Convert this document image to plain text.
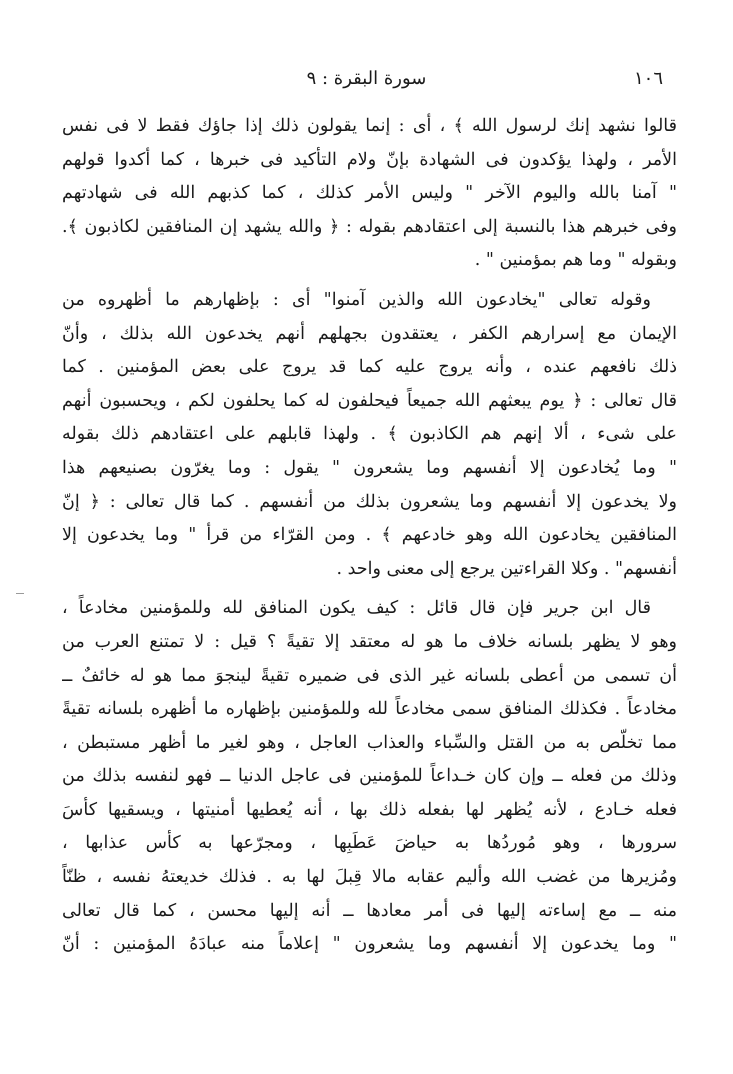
١٠٦
سورة البقرة : ٩
قالوا نشهد إنك لرسول الله ﴾ ، أى : إنما يقولون ذلك إذا جاؤك فقط لا فى نفس
الأمر ، ولهذا يؤكدون فى الشهادة بإنّ ولام التأكيد فى خبرها ، كما أكدوا قولهم
" آمنا بالله واليوم الآخر " وليس الأمر كذلك ، كما كذبهم الله فى شهادتهم
وفى خبرهم هذا بالنسبة إلى اعتقادهم بقوله : ﴿ والله يشهد إن المنافقين لكاذبون ﴾.
وبقوله " وما هم بمؤمنين " .
وقوله تعالى "يخادعون الله والذين آمنوا" أى : بإظهارهم ما أظهروه من
الإيمان مع إسرارهم الكفر ، يعتقدون بجهلهم أنهم يخدعون الله بذلك ، وأنّ
ذلك نافعهم عنده ، وأنه يروج عليه كما قد يروج على بعض المؤمنين . كما
قال تعالى : ﴿ يوم يبعثهم الله جميعاً فيحلفون له كما يحلفون لكم ، ويحسبون أنهم
على شىء ، ألا إنهم هم الكاذبون ﴾ . ولهذا قابلهم على اعتقادهم ذلك بقوله
" وما يُخادعون إلا أنفسهم وما يشعرون " يقول : وما يغرّون بصنيعهم هذا
ولا يخدعون إلا أنفسهم وما يشعرون بذلك من أنفسهم . كما قال تعالى : ﴿ إنّ
المنافقين يخادعون الله وهو خادعهم ﴾ . ومن القرّاء من قرأ " وما يخدعون إلا
أنفسهم" . وكلا القراءتين يرجع إلى معنى واحد .
قال ابن جرير فإن قال قائل : كيف يكون المنافق لله وللمؤمنين مخادعاً ،
وهو لا يظهر بلسانه خلاف ما هو له معتقد إلا تقيةً ؟ قيل : لا تمتنع العرب من
أن تسمى من أعطى بلسانه غير الذى فى ضميره تقيةً لينجوَ مما هو له خائفٌ ــ
مخادعاً . فكذلك المنافق سمى مخادعاً لله وللمؤمنين بإظهاره ما أظهره بلسانه تقيةً
مما تخلّص به من القتل والسِّباء والعذاب العاجل ، وهو لغير ما أظهر مستبطن ،
وذلك من فعله ــ وإن كان خـداعاً للمؤمنين فى عاجل الدنيا ــ فهو لنفسه بذلك من
فعله خـادع ، لأنه يُظهر لها بفعله ذلك بها ، أنه يُعطيها أمنيتها ، ويسقيها كأسَ
سرورها ، وهو مُوردُها به حياضَ عَطَبِها ، ومجرّعها به كأس عذابها ،
ومُزيرها من غضب الله وأليم عقابه مالا قِبلَ لها به . فذلك خديعتهُ نفسه ، ظنّاً
منه ــ مع إساءته إليها فى أمر معادها ــ أنه إليها محسن ، كما قال تعالى
" وما يخدعون إلا أنفسهم وما يشعرون " إعلاماً منه عبادَهُ المؤمنين : أنّ
